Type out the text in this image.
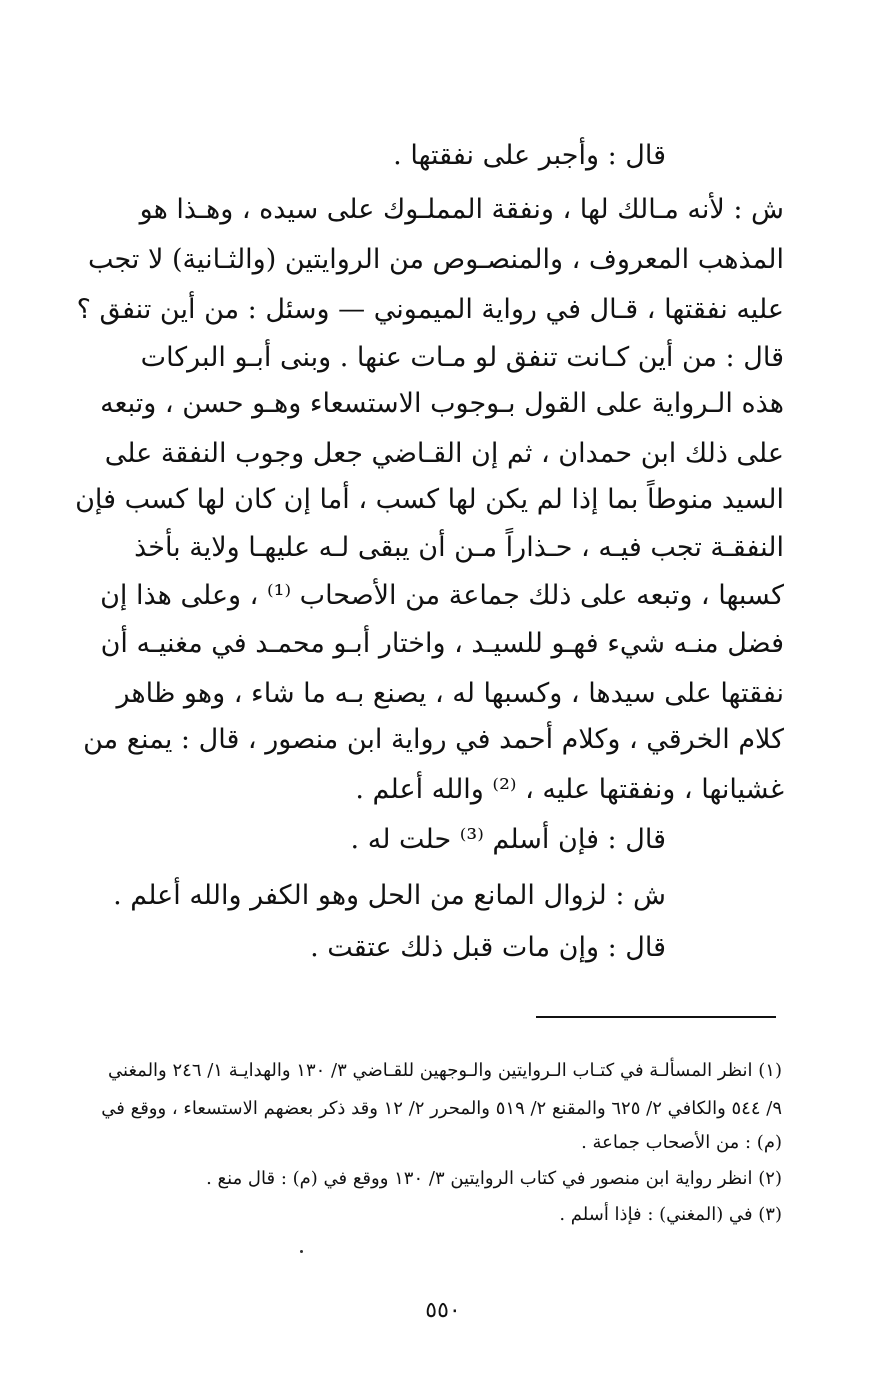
قال : وأجبر على نفقتها .
ش : لأنه مـالك لها ، ونفقة المملـوك على سيده ، وهـذا هو
المذهب المعروف ، والمنصـوص من الروايتين (والثـانية) لا تجب
عليه نفقتها ، قـال في رواية الميموني — وسئل : من أين تنفق ؟
قال : من أين كـانت تنفق لو مـات عنها . وبنى أبـو البركات
هذه الـرواية على القول بـوجوب الاستسعاء وهـو حسن ، وتبعه
على ذلك ابن حمدان ، ثم إن القـاضي جعل وجوب النفقة على
السيد منوطاً بما إذا لم يكن لها كسب ، أما إن كان لها كسب فإن
النفقـة تجب فيـه ، حـذاراً مـن أن يبقى لـه عليهـا ولاية بأخذ
كسبها ، وتبعه على ذلك جماعة من الأصحاب ⁽¹⁾ ، وعلى هذا إن
فضل منـه شيء فهـو للسيـد ، واختار أبـو محمـد في مغنيـه أن
نفقتها على سيدها ، وكسبها له ، يصنع بـه ما شاء ، وهو ظاهر
كلام الخرقي ، وكلام أحمد في رواية ابن منصور ، قال : يمنع من
غشيانها ، ونفقتها عليه ، ⁽²⁾ والله أعلم .
قال : فإن أسلم ⁽³⁾ حلت له .
ش : لزوال المانع من الحل وهو الكفر والله أعلم .
قال : وإن مات قبل ذلك عتقت .
(١) انظر المسألـة في كتـاب الـروايتين والـوجهين للقـاضي ٣/ ١٣٠ والهدايـة ١/ ٢٤٦ والمغني
٩/ ٥٤٤ والكافي ٢/ ٦٢٥ والمقنع ٢/ ٥١٩ والمحرر ٢/ ١٢ وقد ذكر بعضهم الاستسعاء ، ووقع في
(م) : من الأصحاب جماعة .
(٢) انظر رواية ابن منصور في كتاب الروايتين ٣/ ١٣٠ ووقع في (م) : قال منع .
(٣) في (المغني) : فإذا أسلم .
٥٥٠
